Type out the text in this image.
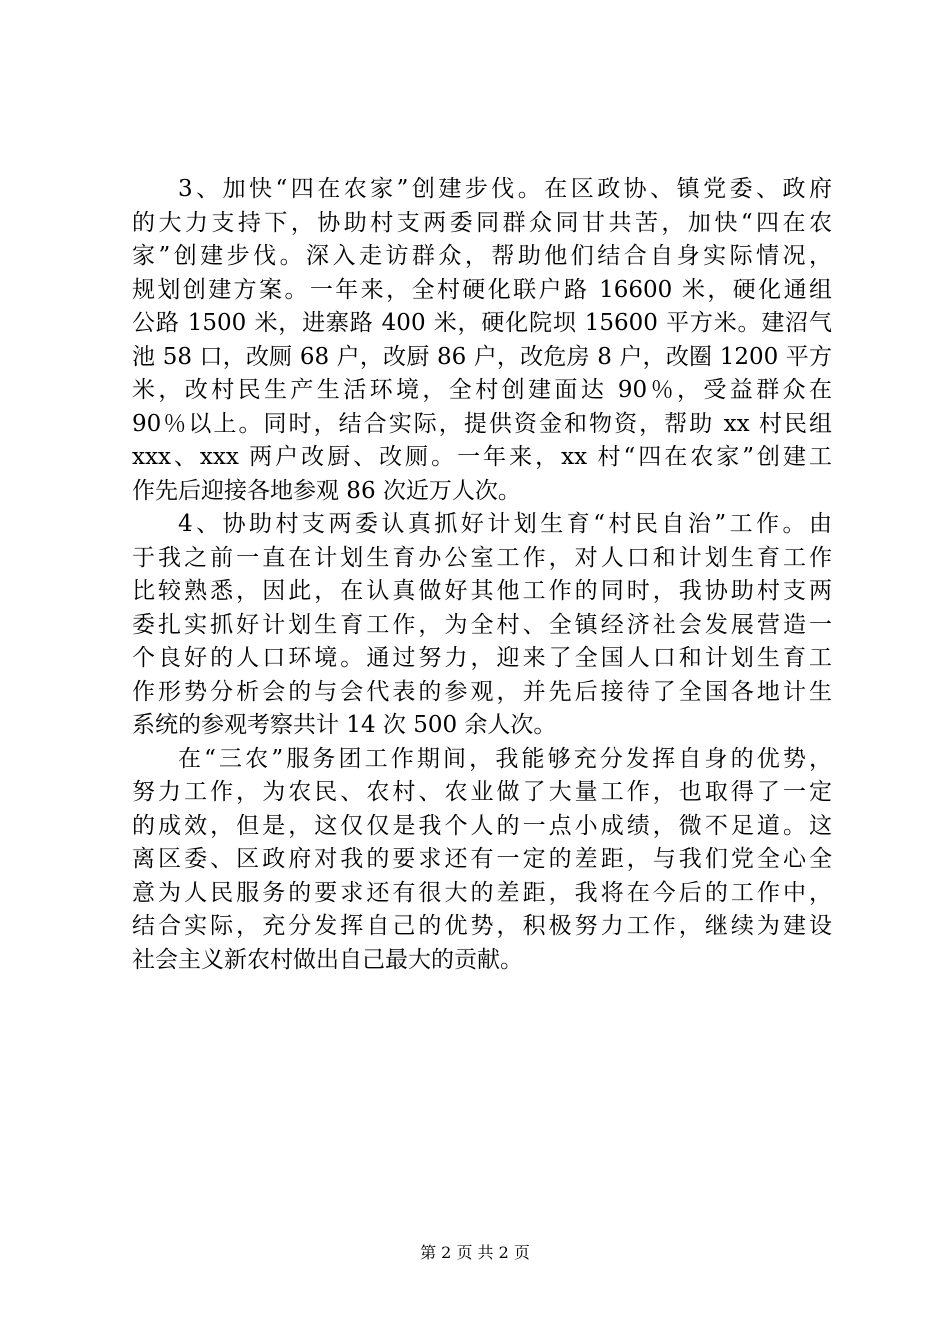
3、加快“四在农家”创建步伐。在区政协、镇党委、政府
的大力支持下，协助村支两委同群众同甘共苦，加快“四在农
家”创建步伐。深入走访群众，帮助他们结合自身实际情况，
规划创建方案。一年来，全村硬化联户路 16600 米，硬化通组
公路 1500 米，进寨路 400 米，硬化院坝 15600 平方米。建沼气
池 58 口，改厕 68 户，改厨 86 户，改危房 8 户，改圈 1200 平方
米，改村民生产生活环境，全村创建面达 90％，受益群众在
90％以上。同时，结合实际，提供资金和物资，帮助 xx 村民组
xxx、xxx 两户改厨、改厕。一年来，xx 村“四在农家”创建工
作先后迎接各地参观 86 次近万人次。
4、协助村支两委认真抓好计划生育“村民自治”工作。由
于我之前一直在计划生育办公室工作，对人口和计划生育工作
比较熟悉，因此，在认真做好其他工作的同时，我协助村支两
委扎实抓好计划生育工作，为全村、全镇经济社会发展营造一
个良好的人口环境。通过努力，迎来了全国人口和计划生育工
作形势分析会的与会代表的参观，并先后接待了全国各地计生
系统的参观考察共计 14 次 500 余人次。
在“三农”服务团工作期间，我能够充分发挥自身的优势，
努力工作，为农民、农村、农业做了大量工作，也取得了一定
的成效，但是，这仅仅是我个人的一点小成绩，微不足道。这
离区委、区政府对我的要求还有一定的差距，与我们党全心全
意为人民服务的要求还有很大的差距，我将在今后的工作中，
结合实际，充分发挥自己的优势，积极努力工作，继续为建设
社会主义新农村做出自己最大的贡献。
第 2 页 共 2 页
